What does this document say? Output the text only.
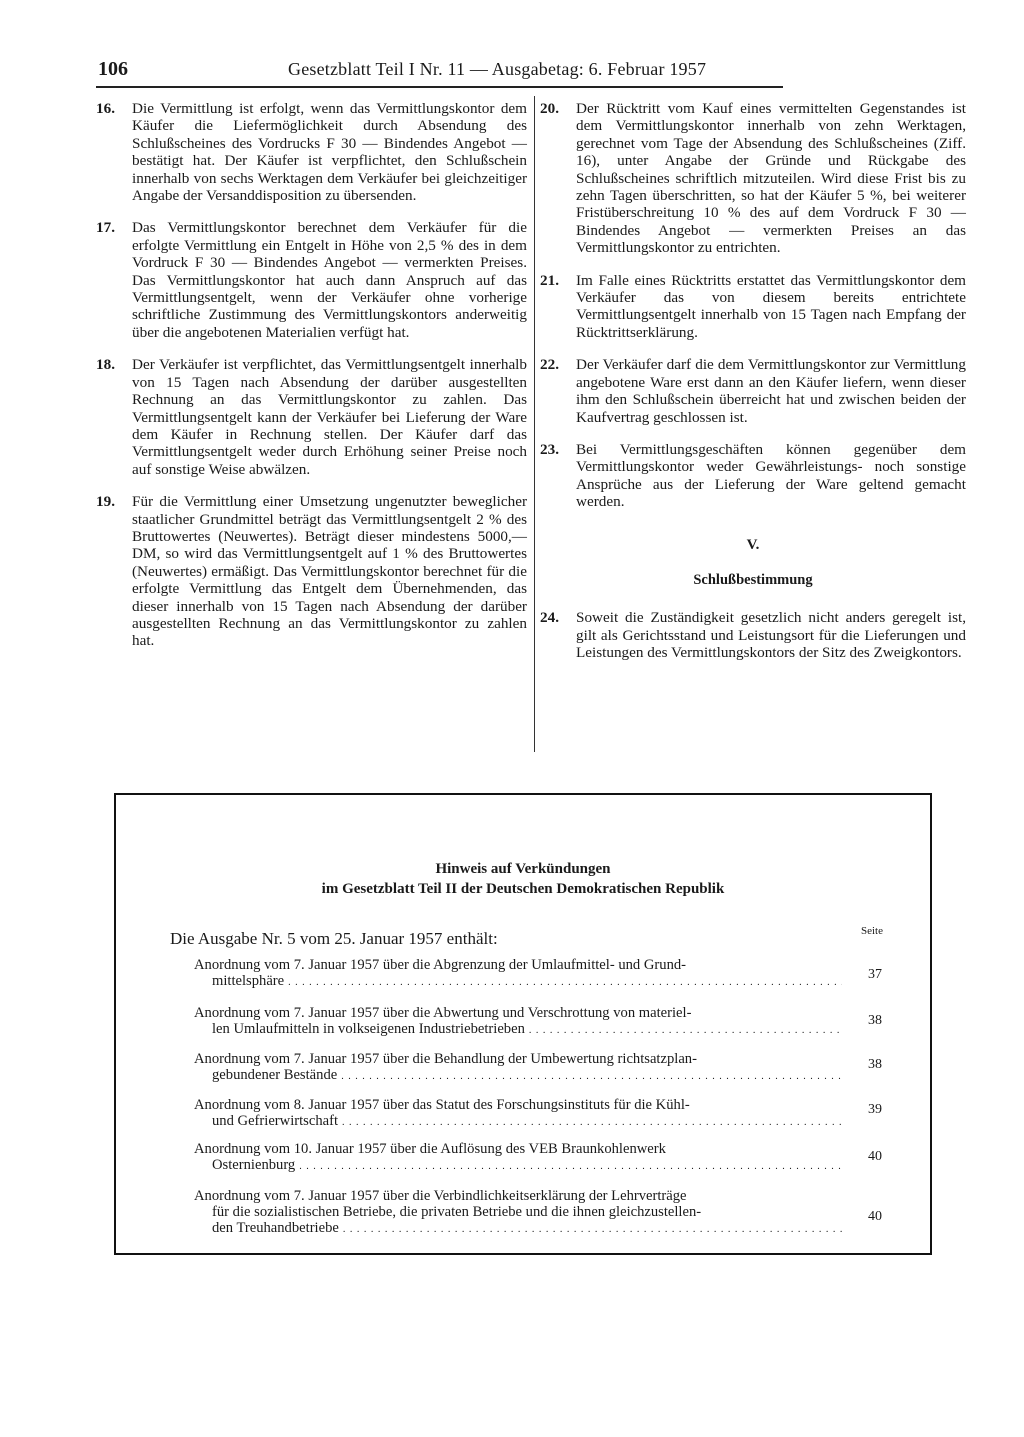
106	Gesetzblatt Teil I Nr. 11 — Ausgabetag: 6. Februar 1957
16. Die Vermittlung ist erfolgt, wenn das Vermittlungskontor dem Käufer die Liefermöglichkeit durch Absendung des Schlußscheines des Vordrucks F 30 — Bindendes Angebot — bestätigt hat. Der Käufer ist verpflichtet, den Schlußschein innerhalb von sechs Werktagen dem Verkäufer bei gleichzeitiger Angabe der Versanddisposition zu übersenden.
17. Das Vermittlungskontor berechnet dem Verkäufer für die erfolgte Vermittlung ein Entgelt in Höhe von 2,5 % des in dem Vordruck F 30 — Bindendes Angebot — vermerkten Preises. Das Vermittlungskontor hat auch dann Anspruch auf das Vermittlungsentgelt, wenn der Verkäufer ohne vorherige schriftliche Zustimmung des Vermittlungskontors anderweitig über die angebotenen Materialien verfügt hat.
18. Der Verkäufer ist verpflichtet, das Vermittlungsentgelt innerhalb von 15 Tagen nach Absendung der darüber ausgestellten Rechnung an das Vermittlungskontor zu zahlen. Das Vermittlungsentgelt kann der Verkäufer bei Lieferung der Ware dem Käufer in Rechnung stellen. Der Käufer darf das Vermittlungsentgelt weder durch Erhöhung seiner Preise noch auf sonstige Weise abwälzen.
19. Für die Vermittlung einer Umsetzung ungenutzter beweglicher staatlicher Grundmittel beträgt das Vermittlungsentgelt 2 % des Bruttowertes (Neuwertes). Beträgt dieser mindestens 5000,— DM, so wird das Vermittlungsentgelt auf 1 % des Bruttowertes (Neuwertes) ermäßigt. Das Vermittlungskontor berechnet für die erfolgte Vermittlung das Entgelt dem Übernehmenden, das dieser innerhalb von 15 Tagen nach Absendung der darüber ausgestellten Rechnung an das Vermittlungskontor zu zahlen hat.
20. Der Rücktritt vom Kauf eines vermittelten Gegenstandes ist dem Vermittlungskontor innerhalb von zehn Werktagen, gerechnet vom Tage der Absendung des Schlußscheines (Ziff. 16), unter Angabe der Gründe und Rückgabe des Schlußscheines schriftlich mitzuteilen. Wird diese Frist bis zu zehn Tagen überschritten, so hat der Käufer 5 %, bei weiterer Fristüberschreitung 10 % des auf dem Vordruck F 30 — Bindendes Angebot — vermerkten Preises an das Vermittlungskontor zu entrichten.
21. Im Falle eines Rücktritts erstattet das Vermittlungskontor dem Verkäufer das von diesem bereits entrichtete Vermittlungsentgelt innerhalb von 15 Tagen nach Empfang der Rücktrittserklärung.
22. Der Verkäufer darf die dem Vermittlungskontor zur Vermittlung angebotene Ware erst dann an den Käufer liefern, wenn dieser ihm den Schlußschein überreicht hat und zwischen beiden der Kaufvertrag geschlossen ist.
23. Bei Vermittlungsgeschäften können gegenüber dem Vermittlungskontor weder Gewährleistungs- noch sonstige Ansprüche aus der Lieferung der Ware geltend gemacht werden.
V.
Schlußbestimmung
24. Soweit die Zuständigkeit gesetzlich nicht anders geregelt ist, gilt als Gerichtsstand und Leistungsort für die Lieferungen und Leistungen des Vermittlungskontors der Sitz des Zweigkontors.
Hinweis auf Verkündungen
im Gesetzblatt Teil II der Deutschen Demokratischen Republik
Die Ausgabe Nr. 5 vom 25. Januar 1957 enthält:	Seite
Anordnung vom 7. Januar 1957 über die Abgrenzung der Umlaufmittel- und Grund-
mittelsphäre
. . .	37
Anordnung vom 7. Januar 1957 über die Abwertung und Verschrottung von materiel-
len Umlaufmitteln in volkseigenen Industriebetrieben
. . .
38
Anordnung vom 7. Januar 1957 über die Behandlung der Umbewertung richtsatzplan-
gebundener Bestände
. . .
38
Anordnung vom 8. Januar 1957 über das Statut des Forschungsinstituts für die Kühl-
und Gefrierwirtschaft
. . .
39
Anordnung vom 10. Januar 1957 über die Auflösung des VEB Braunkohlenwerk
Osternienburg
. . .
40
Anordnung vom 7. Januar 1957 über die Verbindlichkeitserklärung der Lehrverträge
für die sozialistischen Betriebe, die privaten Betriebe und die ihnen gleichzustellen-
den Treuhandbetriebe
. . .
40
